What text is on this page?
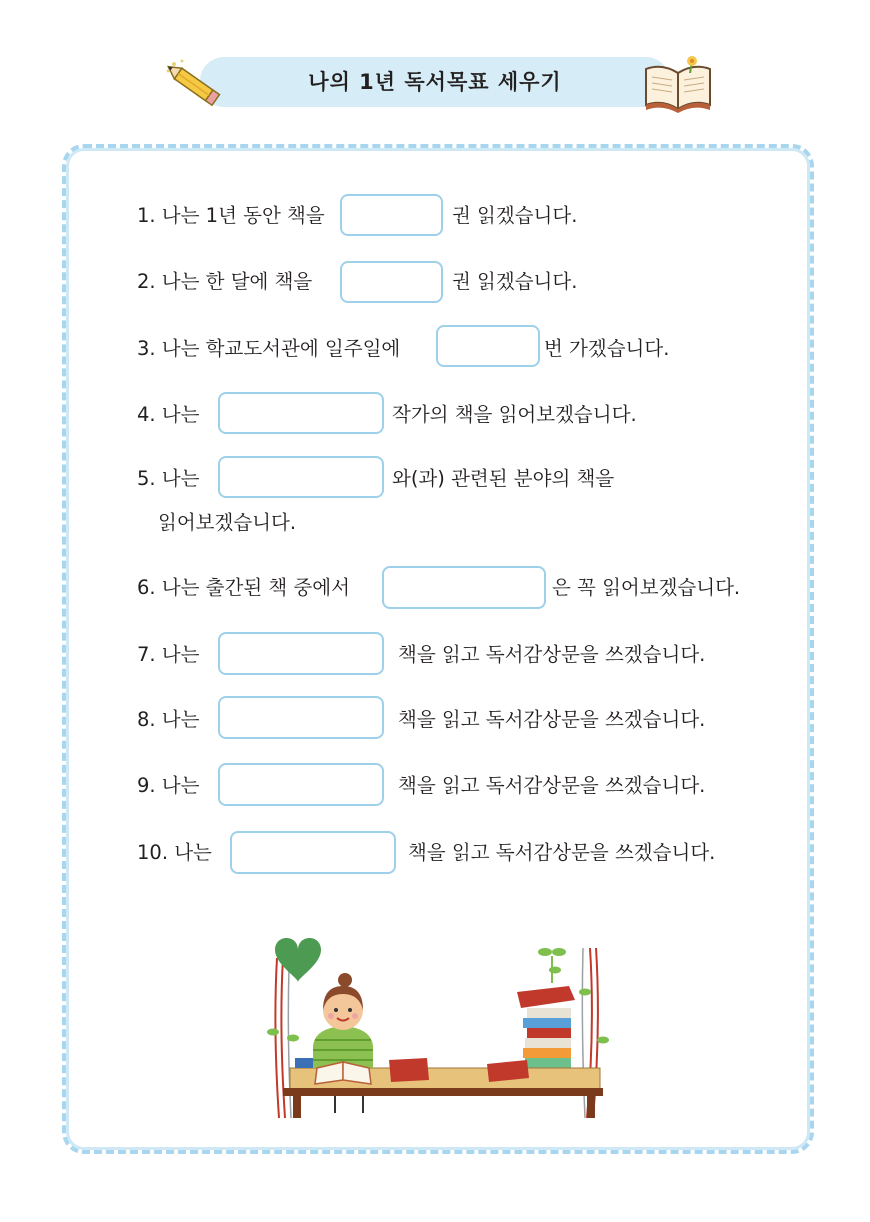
나의 1년 독서목표 세우기
1. 나는 1년 동안 책을	권 읽겠습니다.
2. 나는 한 달에 책을	권 읽겠습니다.
3. 나는 학교도서관에 일주일에	번 가겠습니다.
4. 나는	작가의 책을 읽어보겠습니다.
5. 나는	와(과) 관련된 분야의 책을
읽어보겠습니다.
6. 나는 출간된 책 중에서	은 꼭 읽어보겠습니다.
7. 나는	책을 읽고 독서감상문을 쓰겠습니다.
8. 나는	책을 읽고 독서감상문을 쓰겠습니다.
9. 나는	책을 읽고 독서감상문을 쓰겠습니다.
10. 나는	책을 읽고 독서감상문을 쓰겠습니다.
